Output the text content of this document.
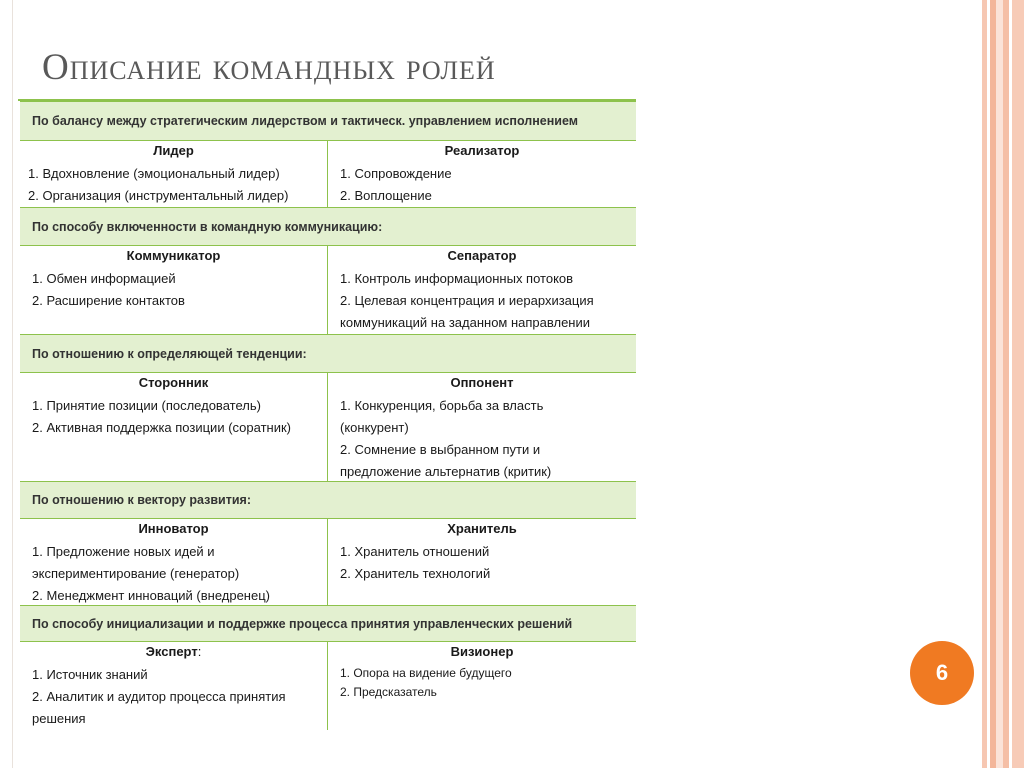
Описание командных ролей
По балансу между стратегическим лидерством и тактическ. управлением исполнением
Лидер
1. Вдохновление (эмоциональный лидер)
2. Организация (инструментальный лидер)
Реализатор
1. Сопровождение
2. Воплощение
По способу включенности в командную коммуникацию:
Коммуникатор
1. Обмен информацией
2. Расширение контактов
Сепаратор
1. Контроль информационных потоков
2. Целевая концентрация и иерархизация
коммуникаций на заданном направлении
По отношению к определяющей тенденции:
Сторонник
1. Принятие позиции (последователь)
2. Активная поддержка позиции (соратник)
Оппонент
1. Конкуренция, борьба за власть
(конкурент)
2. Сомнение в выбранном пути и
предложение альтернатив (критик)
По отношению к вектору развития:
Инноватор
1. Предложение новых идей и
экспериментирование (генератор)
2. Менеджмент инноваций (внедренец)
Хранитель
1. Хранитель отношений
2. Хранитель технологий
По способу инициализации и поддержке процесса принятия управленческих решений
Эксперт:
1. Источник знаний
2. Аналитик и аудитор процесса принятия
решения
Визионер
1. Опора на видение будущего
2. Предсказатель
6
